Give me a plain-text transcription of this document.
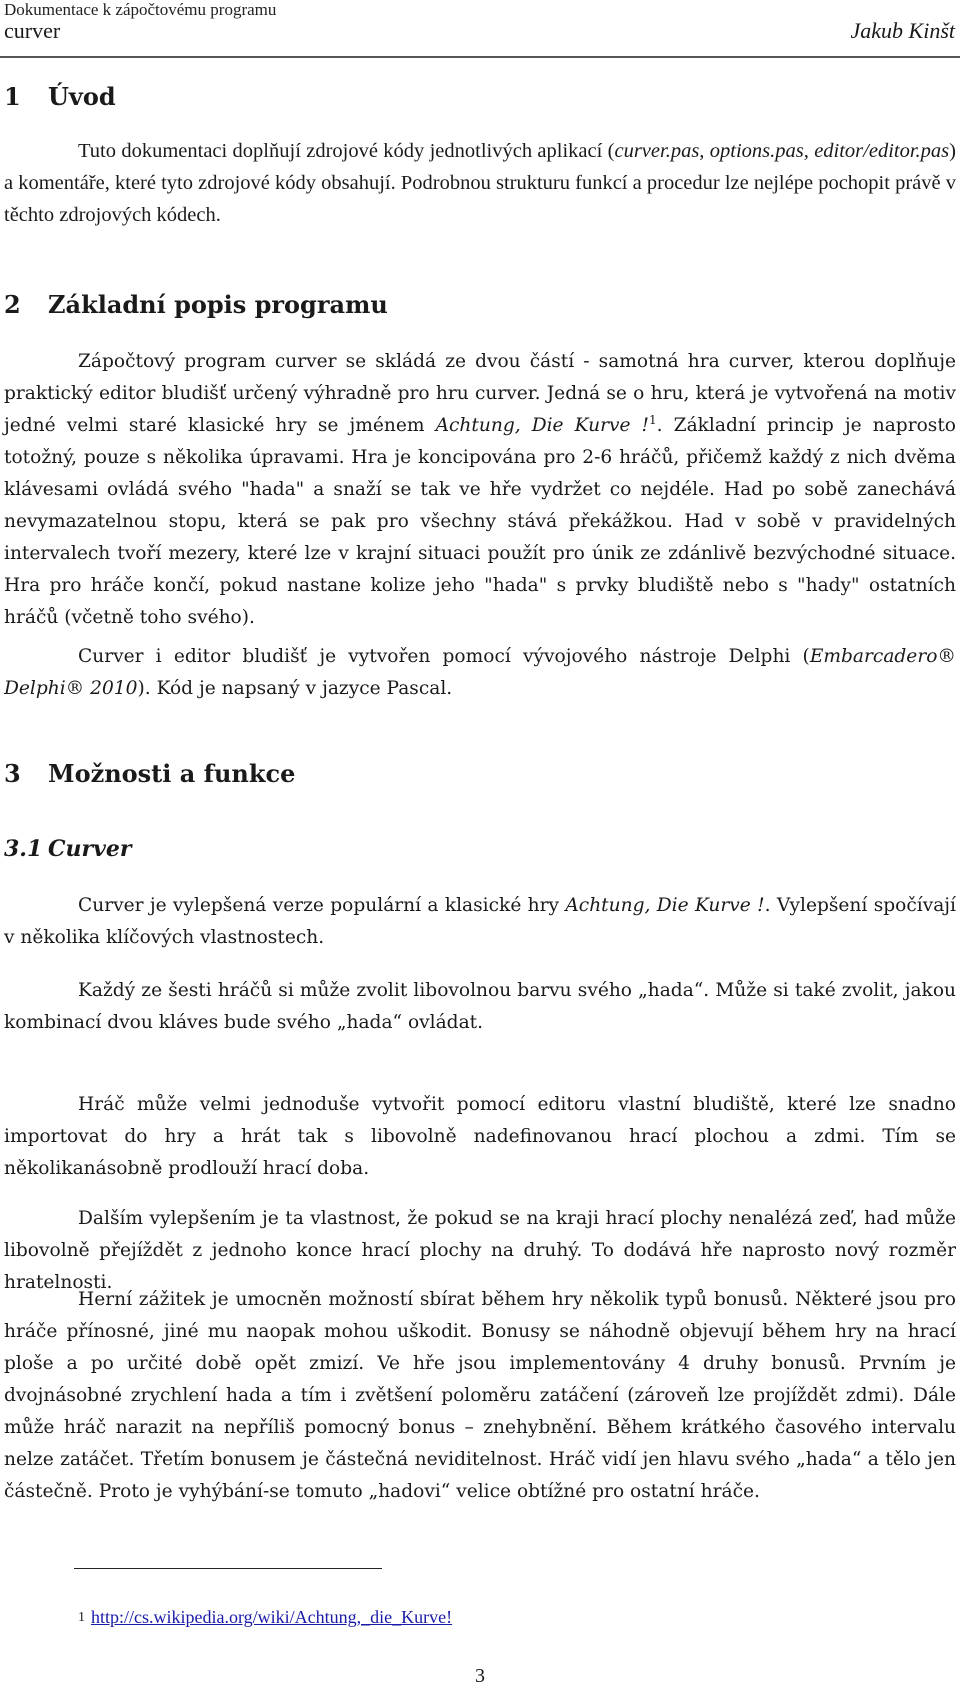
Dokumentace k zápočtovému programu
curver	Jakub Kinšt
1 Úvod
Tuto dokumentaci doplňují zdrojové kódy jednotlivých aplikací (curver.pas, options.pas, editor/editor.pas) a komentáře, které tyto zdrojové kódy obsahují. Podrobnou strukturu funkcí a procedur lze nejlépe pochopit právě v těchto zdrojových kódech.
2 Základní popis programu
Zápočtový program curver se skládá ze dvou částí - samotná hra curver, kterou doplňuje praktický editor bludišť určený výhradně pro hru curver. Jedná se o hru, která je vytvořená na motiv jedné velmi staré klasické hry se jménem Achtung, Die Kurve !$^1$. Základní princip je naprosto totožný, pouze s několika úpravami. Hra je koncipována pro 2-6 hráčů, přičemž každý z nich dvěma klávesami ovládá svého "hada" a snaží se tak ve hře vydržet co nejdéle. Had po sobě zanechává nevymazatelnou stopu, která se pak pro všechny stává překážkou. Had v sobě v pravidelných intervalech tvoří mezery, které lze v krajní situaci použít pro únik ze zdánlivě bezvýchodné situace. Hra pro hráče končí, pokud nastane kolize jeho "hada" s prvky bludiště nebo s "hady" ostatních hráčů (včetně toho svého).
Curver i editor bludišť je vytvořen pomocí vývojového nástroje Delphi (Embarcadero® Delphi® 2010). Kód je napsaný v jazyce Pascal.
3 Možnosti a funkce
3.1 Curver
Curver je vylepšená verze populární a klasické hry Achtung, Die Kurve !. Vylepšení spočívají v několika klíčových vlastnostech.
Každý ze šesti hráčů si může zvolit libovolnou barvu svého „hada“. Může si také zvolit, jakou kombinací dvou kláves bude svého „hada“ ovládat.
Hráč může velmi jednoduše vytvořit pomocí editoru vlastní bludiště, které lze snadno importovat do hry a hrát tak s libovolně nadefinovanou hrací plochou a zdmi. Tím se několikanásobně prodlouží hrací doba.
Dalším vylepšením je ta vlastnost, že pokud se na kraji hrací plochy nenalézá zeď, had může libovolně přejíždět z jednoho konce hrací plochy na druhý. To dodává hře naprosto nový rozměr hratelnosti.
Herní zážitek je umocněn možností sbírat během hry několik typů bonusů. Některé jsou pro hráče přínosné, jiné mu naopak mohou uškodit. Bonusy se náhodně objevují během hry na hrací ploše a po určité době opět zmizí. Ve hře jsou implementovány 4 druhy bonusů. Prvním je dvojnásobné zrychlení hada a tím i zvětšení poloměru zatáčení (zároveň lze projíždět zdmi). Dále může hráč narazit na nepříliš pomocný bonus – znehybnění. Během krátkého časového intervalu nelze zatáčet. Třetím bonusem je částečná neviditelnost. Hráč vidí jen hlavu svého „hada“ a tělo jen částečně. Proto je vyhýbání-se tomuto „hadovi“ velice obtížné pro ostatní hráče.
1 http://cs.wikipedia.org/wiki/Achtung,_die_Kurve!
3
